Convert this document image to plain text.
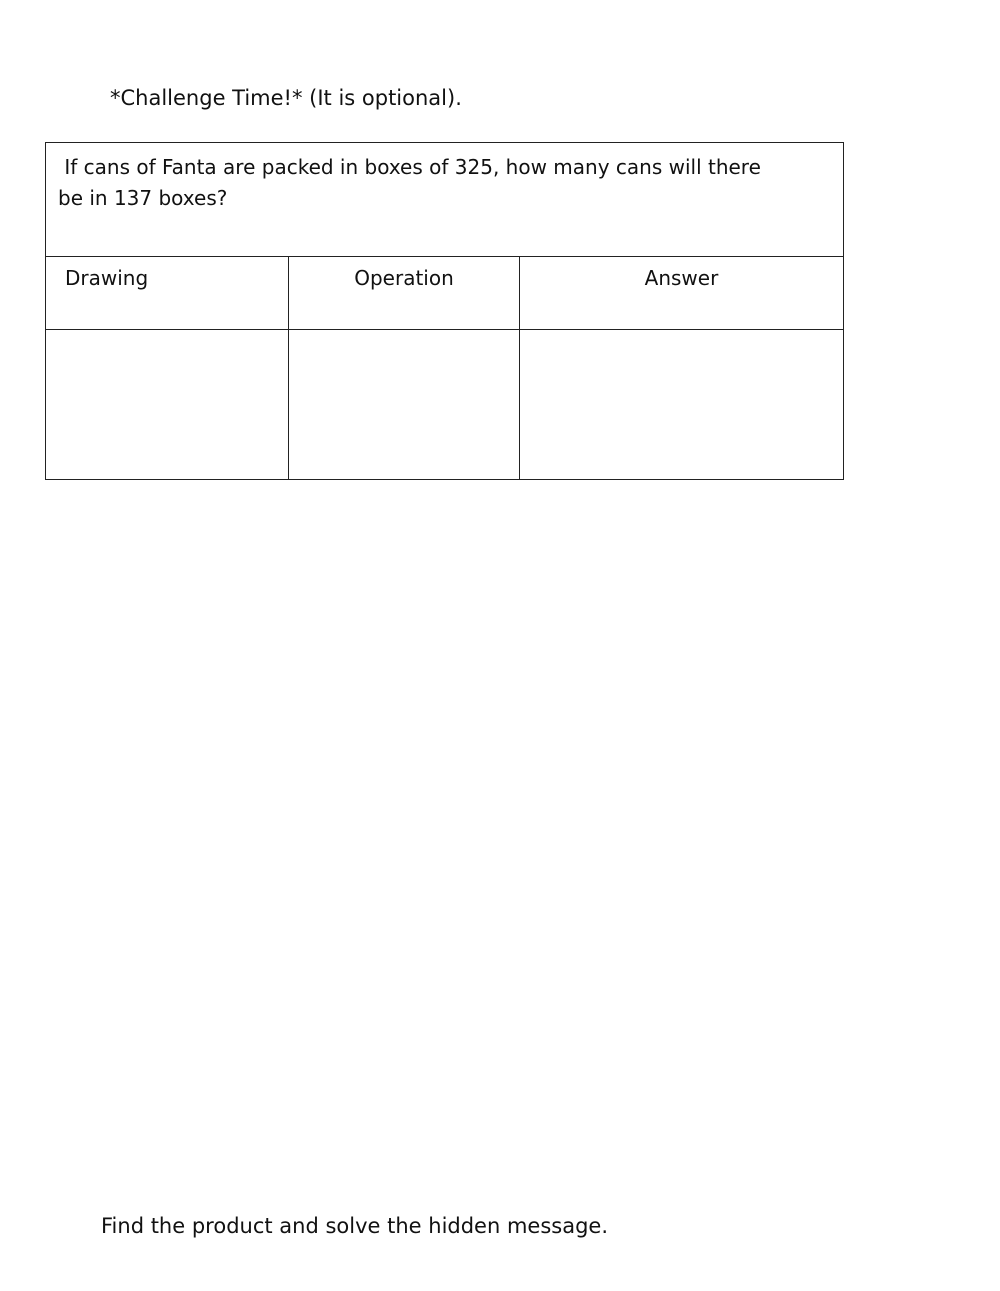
*Challenge Time!* (It is optional).
If cans of Fanta are packed in boxes of 325, how many cans will there
be in 137 boxes?
Drawing	Operation	Answer
Find the product and solve the hidden message.
